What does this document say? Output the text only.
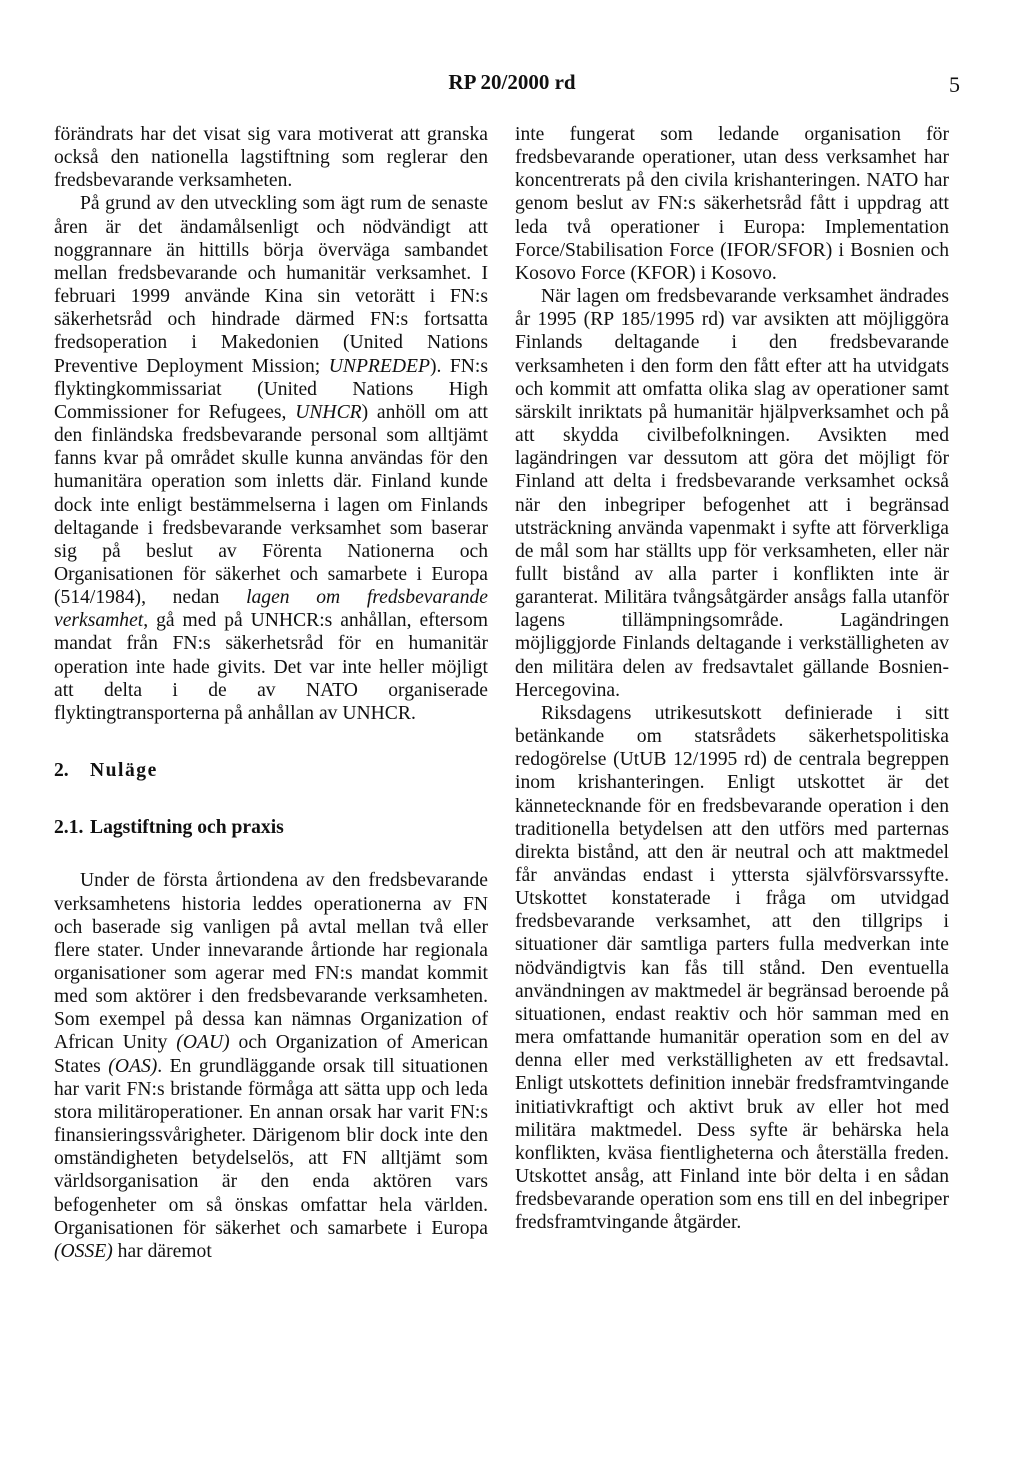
RP 20/2000 rd	5

förändrats har det visat sig vara motiverat att granska också den nationella lagstiftning som reglerar den fredsbevarande verksamheten.

På grund av den utveckling som ägt rum de senaste åren är det ändamålsenligt och nödvändigt att noggrannare än hittills börja överväga sambandet mellan fredsbevarande och humanitär verksamhet. I februari 1999 använde Kina sin vetorätt i FN:s säkerhetsråd och hindrade därmed FN:s fortsatta fredsoperation i Makedonien (United Nations Preventive Deployment Mission; UNPREDEP). FN:s flyktingkommissariat (United Nations High Commissioner for Refugees, UNHCR) anhöll om att den finländska fredsbevarande personal som alltjämt fanns kvar på området skulle kunna användas för den humanitära operation som inletts där. Finland kunde dock inte enligt bestämmelserna i lagen om Finlands deltagande i fredsbevarande verksamhet som baserar sig på beslut av Förenta Nationerna och Organisationen för säkerhet och samarbete i Europa (514/1984), nedan lagen om fredsbevarande verksamhet, gå med på UNHCR:s anhållan, eftersom mandat från FN:s säkerhetsråd för en humanitär operation inte hade givits. Det var inte heller möjligt att delta i de av NATO organiserade flyktingtransporterna på anhållan av UNHCR.

2. Nuläge
2.1. Lagstiftning och praxis

Under de första årtiondena av den fredsbevarande verksamhetens historia leddes operationerna av FN och baserade sig vanligen på avtal mellan två eller flere stater. Under innevarande årtionde har regionala organisationer som agerar med FN:s mandat kommit med som aktörer i den fredsbevarande verksamheten. Som exempel på dessa kan nämnas Organization of African Unity (OAU) och Organization of American States (OAS). En grundläggande orsak till situationen har varit FN:s bristande förmåga att sätta upp och leda stora militäroperationer. En annan orsak har varit FN:s finansieringssvårigheter. Därigenom blir dock inte den omständigheten betydelselös, att FN alltjämt som världsorganisation är den enda aktören vars befogenheter om så önskas omfattar hela världen. Organisationen för säkerhet och samarbete i Europa (OSSE) har däremot

inte fungerat som ledande organisation för fredsbevarande operationer, utan dess verksamhet har koncentrerats på den civila krishanteringen. NATO har genom beslut av FN:s säkerhetsråd fått i uppdrag att leda två operationer i Europa: Implementation Force/Stabilisation Force (IFOR/SFOR) i Bosnien och Kosovo Force (KFOR) i Kosovo.

När lagen om fredsbevarande verksamhet ändrades år 1995 (RP 185/1995 rd) var avsikten att möjliggöra Finlands deltagande i den fredsbevarande verksamheten i den form den fått efter att ha utvidgats och kommit att omfatta olika slag av operationer samt särskilt inriktats på humanitär hjälpverksamhet och på att skydda civilbefolkningen. Avsikten med lagändringen var dessutom att göra det möjligt för Finland att delta i fredsbevarande verksamhet också när den inbegriper befogenhet att i begränsad utsträckning använda vapenmakt i syfte att förverkliga de mål som har ställts upp för verksamheten, eller när fullt bistånd av alla parter i konflikten inte är garanterat. Militära tvångsåtgärder ansågs falla utanför lagens tillämpningsområde. Lagändringen möjliggjorde Finlands deltagande i verkställigheten av den militära delen av fredsavtalet gällande Bosnien-Hercegovina.

Riksdagens utrikesutskott definierade i sitt betänkande om statsrådets säkerhetspolitiska redogörelse (UtUB 12/1995 rd) de centrala begreppen inom krishanteringen. Enligt utskottet är det kännetecknande för en fredsbevarande operation i den traditionella betydelsen att den utförs med parternas direkta bistånd, att den är neutral och att maktmedel får användas endast i yttersta självförsvarssyfte. Utskottet konstaterade i fråga om utvidgad fredsbevarande verksamhet, att den tillgrips i situationer där samtliga parters fulla medverkan inte nödvändigtvis kan fås till stånd. Den eventuella användningen av maktmedel är begränsad beroende på situationen, endast reaktiv och hör samman med en mera omfattande humanitär operation som en del av denna eller med verkställigheten av ett fredsavtal. Enligt utskottets definition innebär fredsframtvingande initiativkraftigt och aktivt bruk av eller hot med militära maktmedel. Dess syfte är behärska hela konflikten, kväsa fientligheterna och återställa freden. Utskottet ansåg, att Finland inte bör delta i en sådan fredsbevarande operation som ens till en del inbegriper fredsframtvingande åtgärder.
